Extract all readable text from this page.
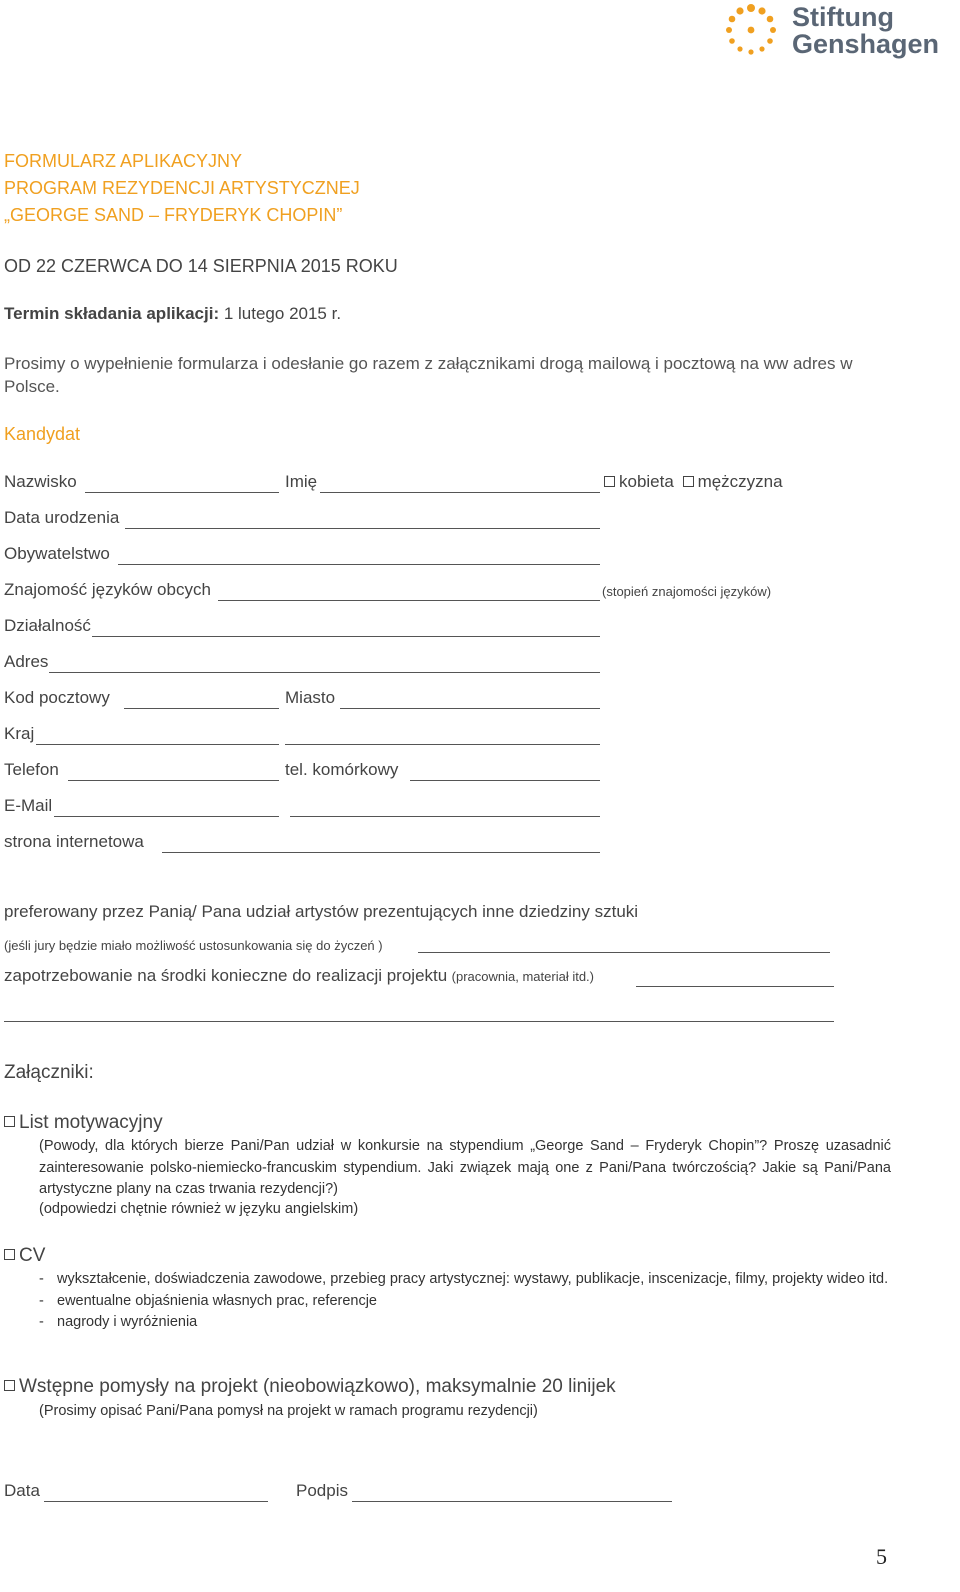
Stiftung
Genshagen
FORMULARZ APLIKACYJNY
PROGRAM REZYDENCJI ARTYSTYCZNEJ
„GEORGE SAND – FRYDERYK CHOPIN”
OD 22 CZERWCA DO 14 SIERPNIA 2015 ROKU
Termin składania aplikacji: 1 lutego 2015 r.
Prosimy o wypełnienie formularza i odesłanie go razem z załącznikami drogą mailową i pocztową na ww adres w Polsce.
Kandydat
Nazwisko	Imię	kobieta mężczyzna
Data urodzenia
Obywatelstwo
Znajomość języków obcych	(stopień znajomości języków)
Działalność
Adres
Kod pocztowy	Miasto
Kraj
Telefon	tel. komórkowy
E-Mail
strona internetowa
preferowany przez Panią/ Pana udział artystów prezentujących inne dziedziny sztuki
(jeśli jury będzie miało możliwość ustosunkowania się do życzeń )
zapotrzebowanie na środki konieczne do realizacji projektu (pracownia, materiał itd.)
Załączniki:
List motywacyjny
(Powody, dla których bierze Pani/Pan udział w konkursie na stypendium „George Sand – Fryderyk Chopin”? Proszę uzasadnić zainteresowanie polsko-niemiecko-francuskim stypendium. Jaki związek mają one z Pani/Pana twórczością? Jakie są Pani/Pana artystyczne plany na czas trwania rezydencji?)
(odpowiedzi chętnie również w języku angielskim)
CV
- wykształcenie, doświadczenia zawodowe, przebieg pracy artystycznej: wystawy, publikacje, inscenizacje, filmy, projekty wideo itd.
- ewentualne objaśnienia własnych prac, referencje
- nagrody i wyróżnienia
Wstępne pomysły na projekt (nieobowiązkowo), maksymalnie 20 linijek
(Prosimy opisać Pani/Pana pomysł na projekt w ramach programu rezydencji)
Data	Podpis
5
